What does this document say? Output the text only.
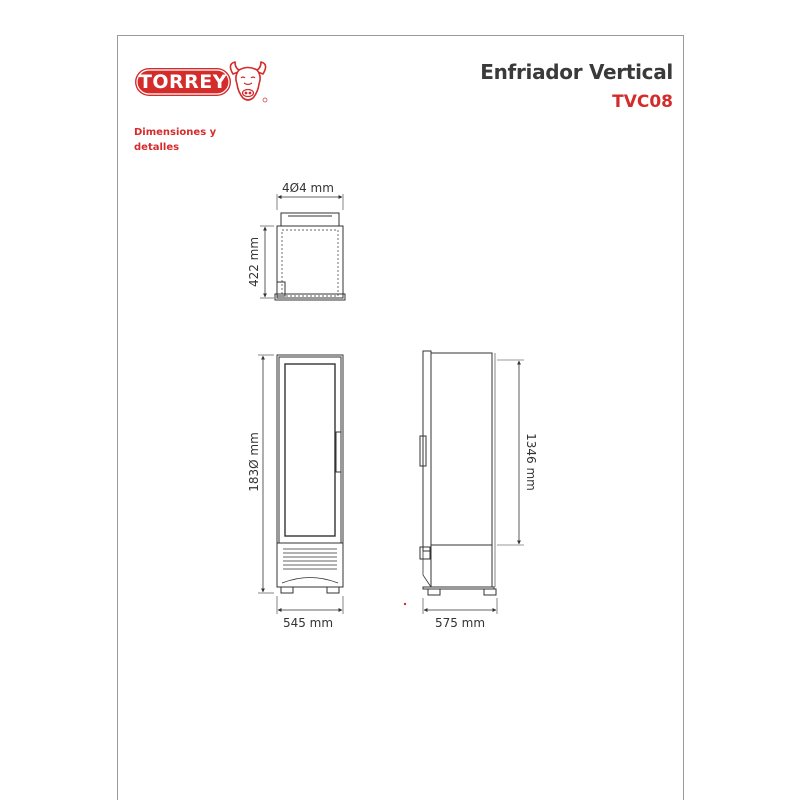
TORREY	Enfriador Vertical
TVC08
Dimensiones y detalles
4Ø4 mm
422 mm
183Ø mm
545 mm
1346 mm
575 mm
